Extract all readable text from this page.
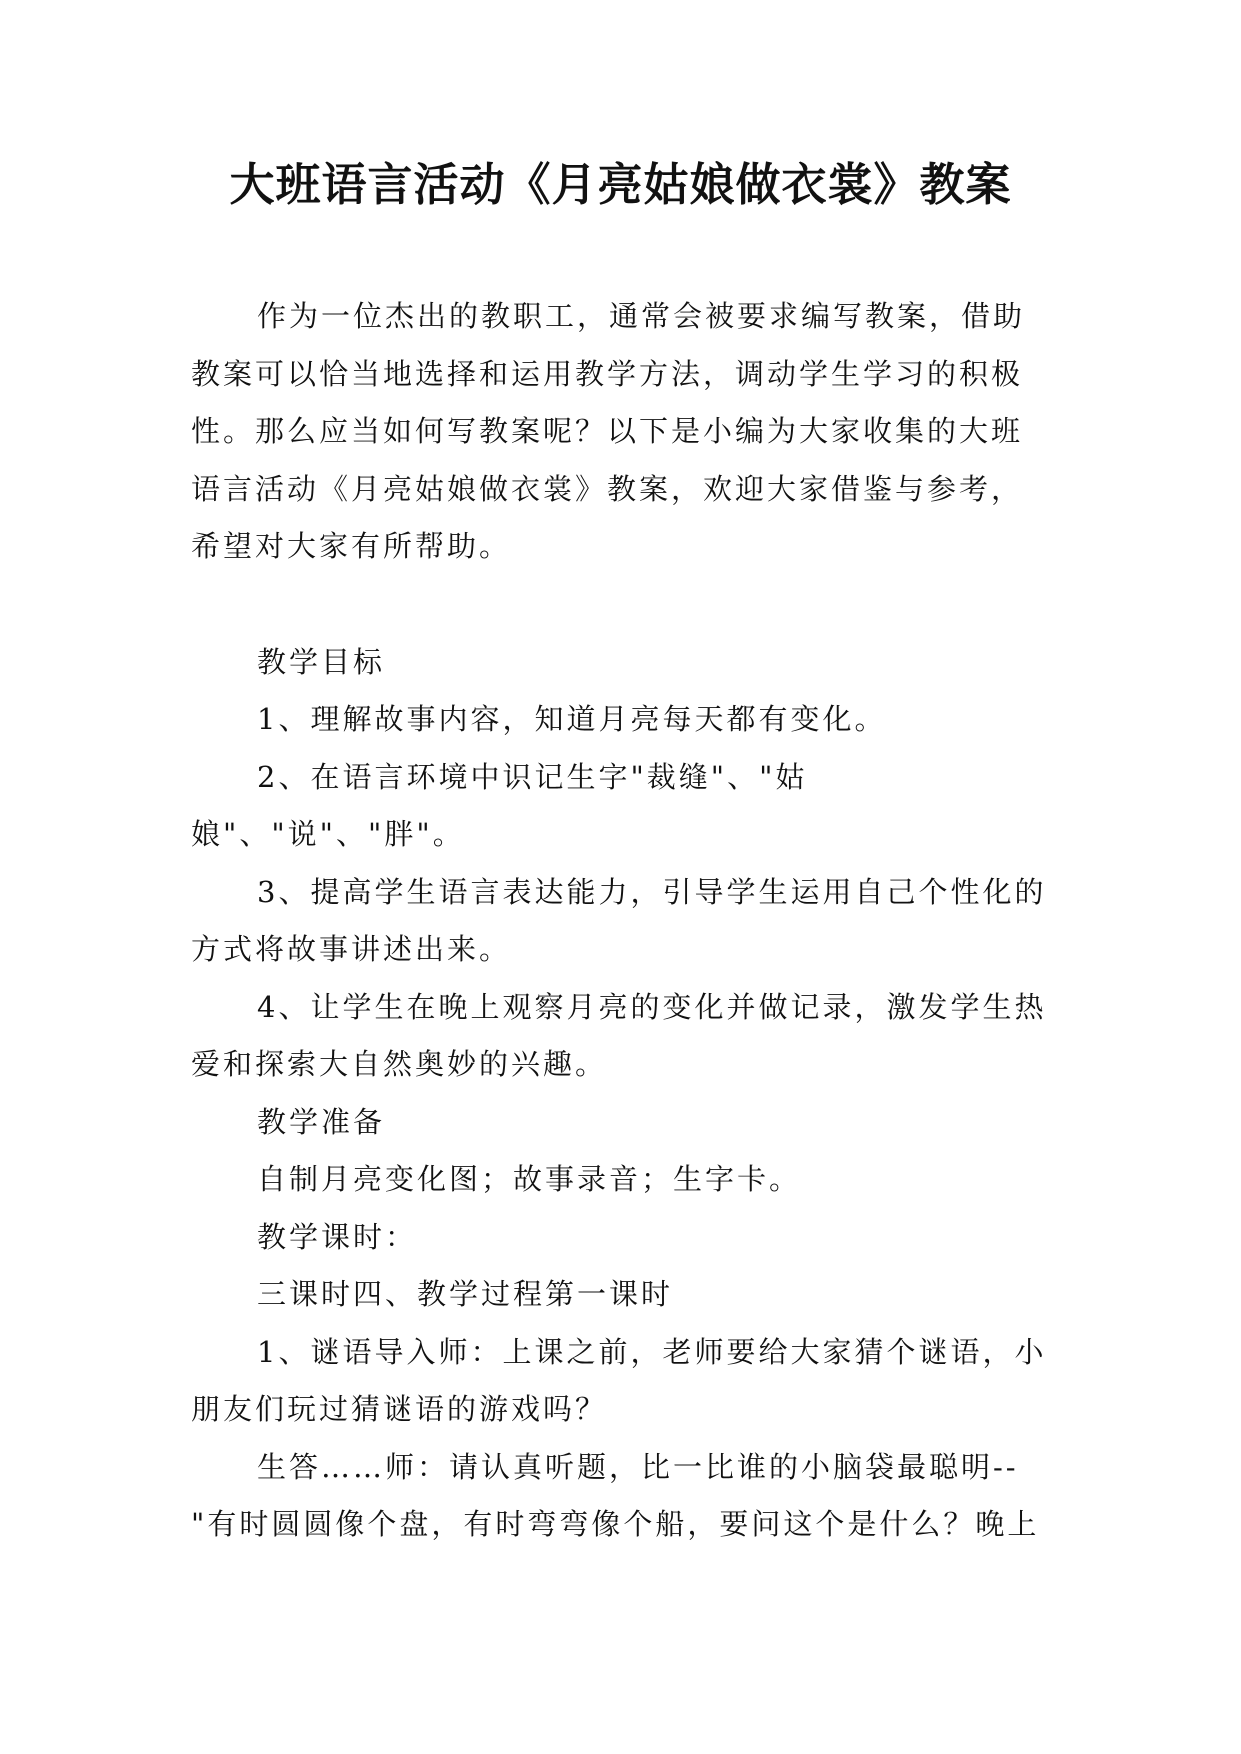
大班语言活动《月亮姑娘做衣裳》教案

作为一位杰出的教职工，通常会被要求编写教案，借助教案可以恰当地选择和运用教学方法，调动学生学习的积极性。那么应当如何写教案呢？以下是小编为大家收集的大班语言活动《月亮姑娘做衣裳》教案，欢迎大家借鉴与参考，希望对大家有所帮助。

教学目标

1、理解故事内容，知道月亮每天都有变化。

2、在语言环境中识记生字"裁缝"、"姑娘"、"说"、"胖"。

3、提高学生语言表达能力，引导学生运用自己个性化的方式将故事讲述出来。

4、让学生在晚上观察月亮的变化并做记录，激发学生热爱和探索大自然奥妙的兴趣。

教学准备

自制月亮变化图；故事录音；生字卡。

教学课时：

三课时四、教学过程第一课时

1、谜语导入师：上课之前，老师要给大家猜个谜语，小朋友们玩过猜谜语的游戏吗？

生答……师：请认真听题，比一比谁的小脑袋最聪明--"有时圆圆像个盘，有时弯弯像个船，要问这个是什么？晚上
